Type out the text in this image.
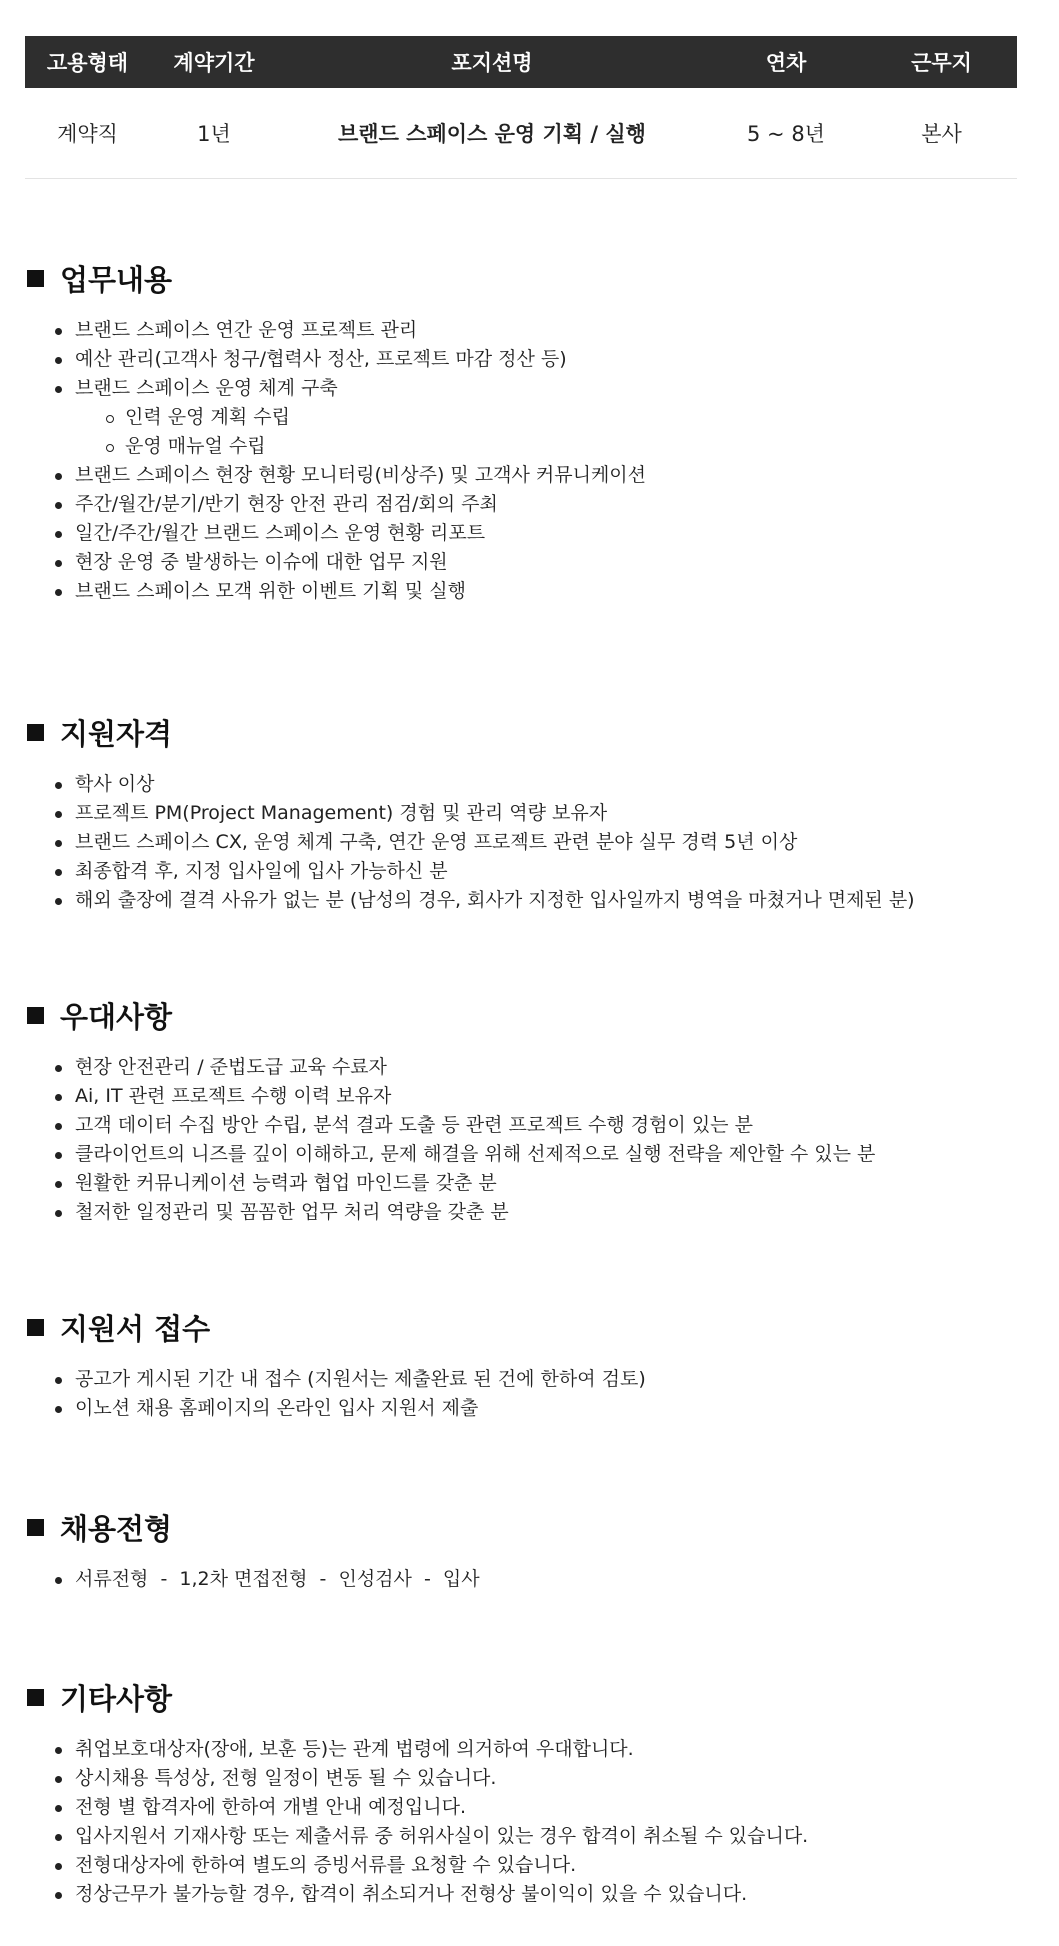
고용형태	계약기간	포지션명	연차	근무지
계약직	1년	브랜드 스페이스 운영 기획 / 실행	5 ~ 8년	본사
업무내용
브랜드 스페이스 연간 운영 프로젝트 관리
예산 관리(고객사 청구/협력사 정산, 프로젝트 마감 정산 등)
브랜드 스페이스 운영 체계 구축
인력 운영 계획 수립
운영 매뉴얼 수립
브랜드 스페이스 현장 현황 모니터링(비상주) 및 고객사 커뮤니케이션
주간/월간/분기/반기 현장 안전 관리 점검/회의 주최
일간/주간/월간 브랜드 스페이스 운영 현황 리포트
현장 운영 중 발생하는 이슈에 대한 업무 지원
브랜드 스페이스 모객 위한 이벤트 기획 및 실행
지원자격
학사 이상
프로젝트 PM(Project Management) 경험 및 관리 역량 보유자
브랜드 스페이스 CX, 운영 체계 구축, 연간 운영 프로젝트 관련 분야 실무 경력 5년 이상
최종합격 후, 지정 입사일에 입사 가능하신 분
해외 출장에 결격 사유가 없는 분 (남성의 경우, 회사가 지정한 입사일까지 병역을 마쳤거나 면제된 분)
우대사항
현장 안전관리 / 준법도급 교육 수료자
Ai, IT 관련 프로젝트 수행 이력 보유자
고객 데이터 수집 방안 수립, 분석 결과 도출 등 관련 프로젝트 수행 경험이 있는 분
클라이언트의 니즈를 깊이 이해하고, 문제 해결을 위해 선제적으로 실행 전략을 제안할 수 있는 분
원활한 커뮤니케이션 능력과 협업 마인드를 갖춘 분
철저한 일정관리 및 꼼꼼한 업무 처리 역량을 갖춘 분
지원서 접수
공고가 게시된 기간 내 접수 (지원서는 제출완료 된 건에 한하여 검토)
이노션 채용 홈페이지의 온라인 입사 지원서 제출
채용전형
서류전형  -  1,2차 면접전형  -  인성검사  -  입사
기타사항
취업보호대상자(장애, 보훈 등)는 관계 법령에 의거하여 우대합니다.
상시채용 특성상, 전형 일정이 변동 될 수 있습니다.
전형 별 합격자에 한하여 개별 안내 예정입니다.
입사지원서 기재사항 또는 제출서류 중 허위사실이 있는 경우 합격이 취소될 수 있습니다.
전형대상자에 한하여 별도의 증빙서류를 요청할 수 있습니다.
정상근무가 불가능할 경우, 합격이 취소되거나 전형상 불이익이 있을 수 있습니다.
